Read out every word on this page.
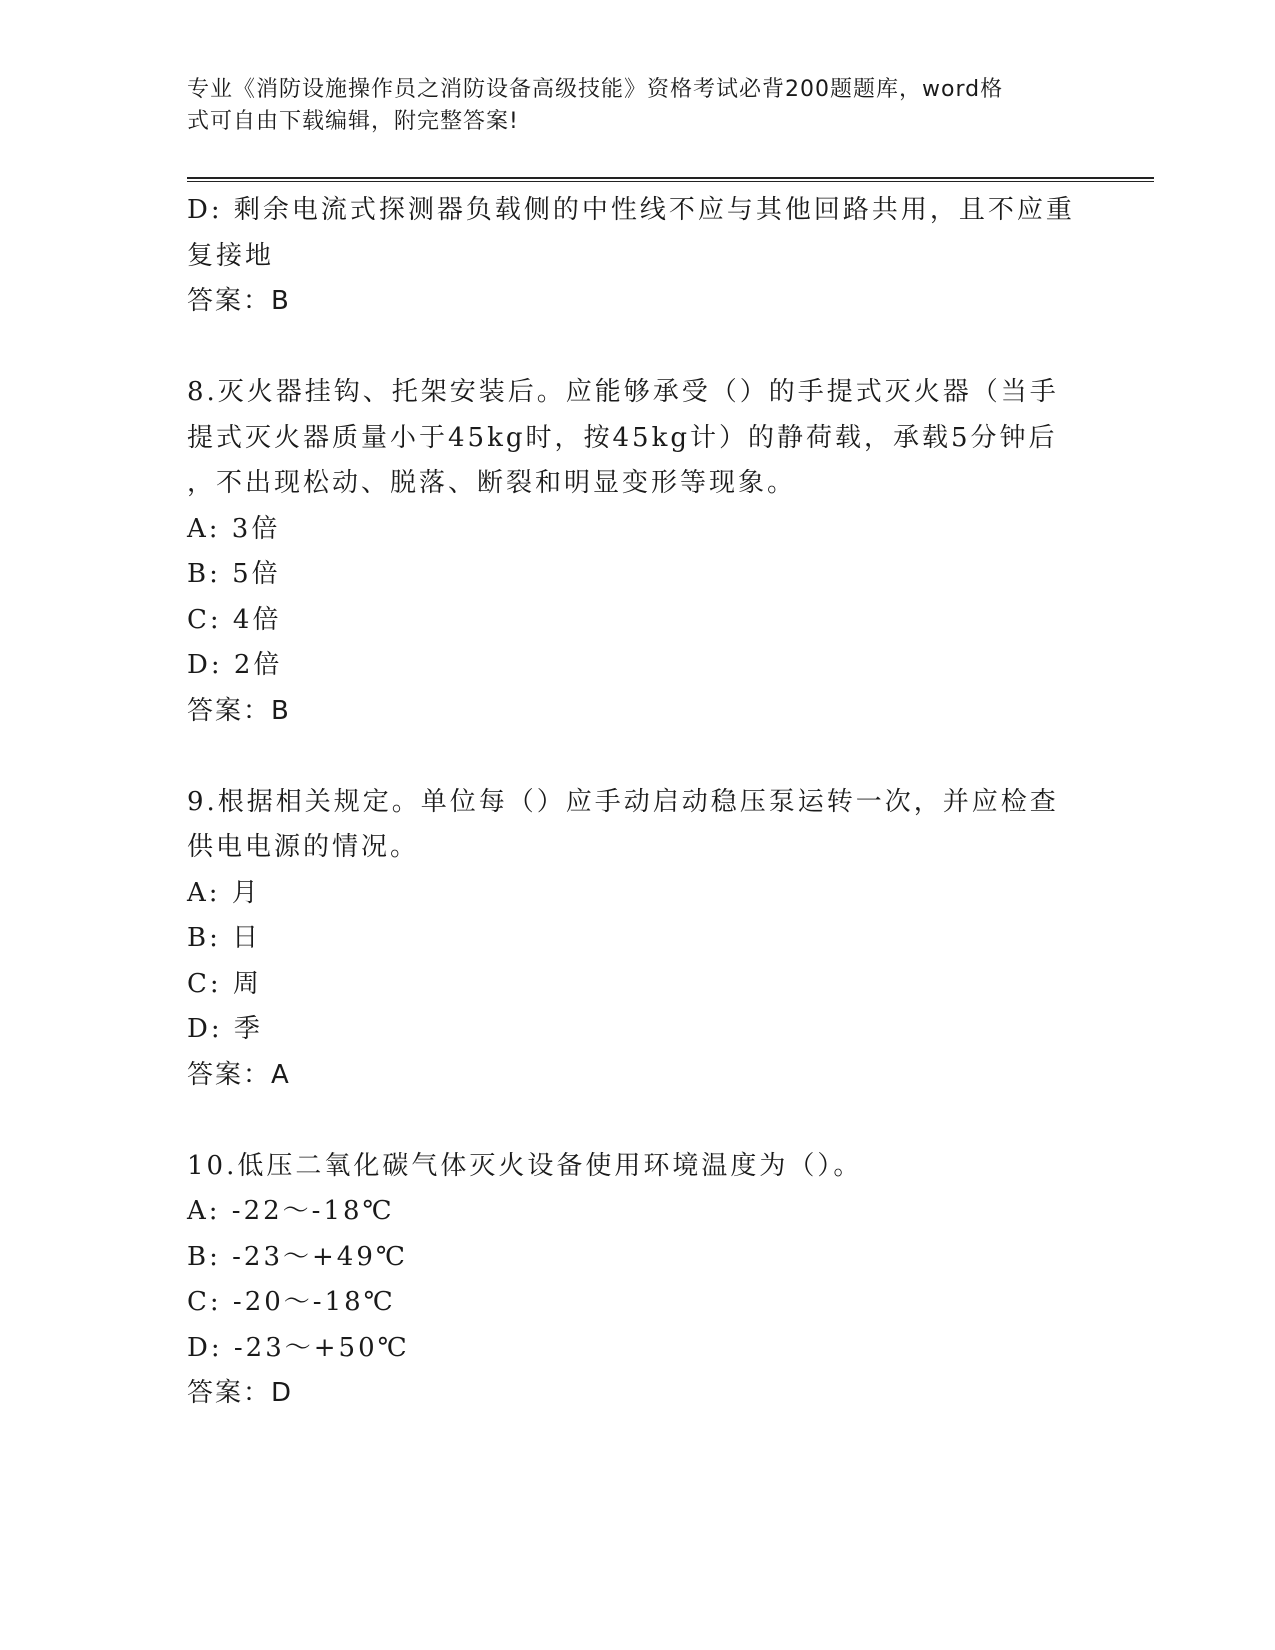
专业《消防设施操作员之消防设备高级技能》资格考试必背200题题库，word格
式可自由下载编辑，附完整答案!
D: 剩余电流式探测器负载侧的中性线不应与其他回路共用，且不应重
复接地
答案：B
8.灭火器挂钩、托架安装后。应能够承受（）的手提式灭火器（当手
提式灭火器质量小于45kg时，按45kg计）的静荷载，承载5分钟后
，不出现松动、脱落、断裂和明显变形等现象。
A: 3倍
B: 5倍
C: 4倍
D: 2倍
答案：B
9.根据相关规定。单位每（）应手动启动稳压泵运转一次，并应检查
供电电源的情况。
A: 月
B: 日
C: 周
D: 季
答案：A
10.低压二氧化碳气体灭火设备使用环境温度为（）。
A: -22～-18℃
B: -23～+49℃
C: -20～-18℃
D: -23～+50℃
答案：D
